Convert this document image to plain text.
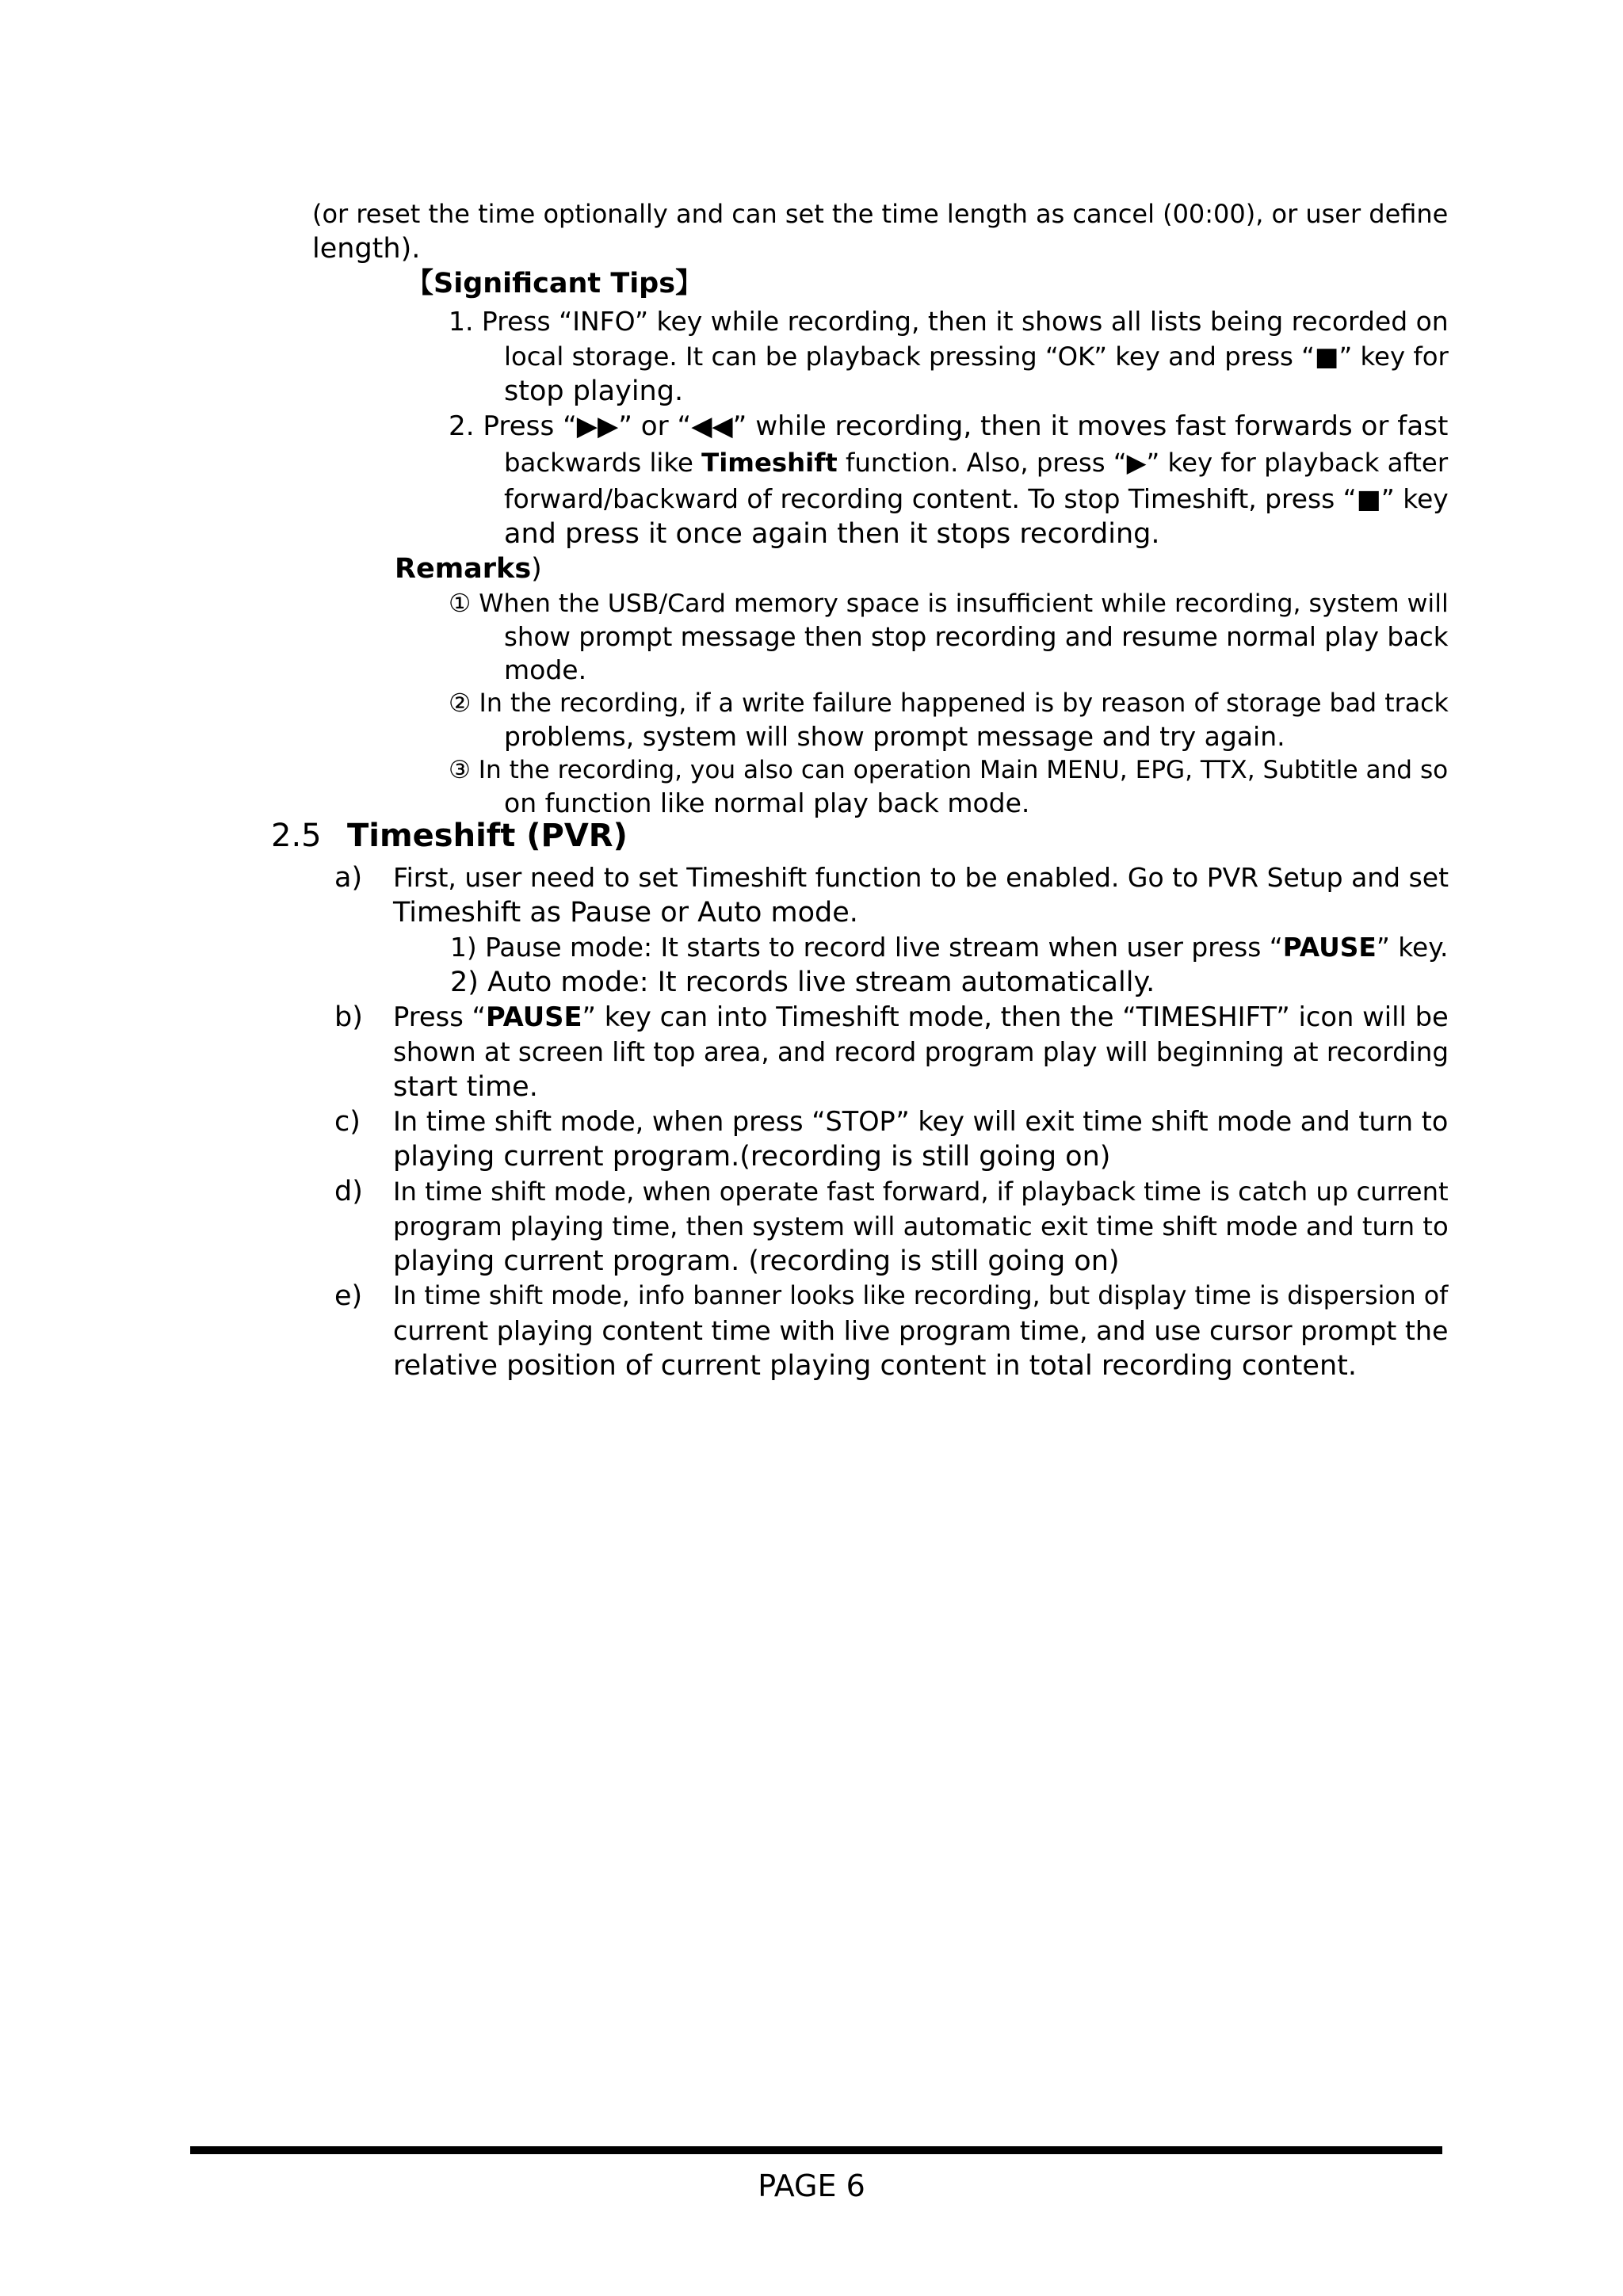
(or reset the time optionally and can set the time length as cancel (00:00), or user define

length).

【Significant Tips】

1. Press “INFO” key while recording, then it shows all lists being recorded on

local storage. It can be playback pressing “OK” key and press “■” key for

stop playing.

2. Press “▶▶” or “◀◀” while recording, then it moves fast forwards or fast

backwards like Timeshift function. Also, press “▶” key for playback after

forward/backward of recording content. To stop Timeshift, press “■” key

and press it once again then it stops recording.

Remarks)

① When the USB/Card memory space is insufficient while recording, system will

show prompt message then stop recording and resume normal play back

mode.

② In the recording, if a write failure happened is by reason of storage bad track

problems, system will show prompt message and try again.

③ In the recording, you also can operation Main MENU, EPG, TTX, Subtitle and so

on function like normal play back mode.

2.5 Timeshift (PVR)

a) First, user need to set Timeshift function to be enabled. Go to PVR Setup and set

Timeshift as Pause or Auto mode.

1) Pause mode: It starts to record live stream when user press “PAUSE” key.

2) Auto mode: It records live stream automatically.

b) Press “PAUSE” key can into Timeshift mode, then the “TIMESHIFT” icon will be

shown at screen lift top area, and record program play will beginning at recording

start time.

c) In time shift mode, when press “STOP” key will exit time shift mode and turn to

playing current program.(recording is still going on)

d) In time shift mode, when operate fast forward, if playback time is catch up current

program playing time, then system will automatic exit time shift mode and turn to

playing current program. (recording is still going on)

e) In time shift mode, info banner looks like recording, but display time is dispersion of

current playing content time with live program time, and use cursor prompt the

relative position of current playing content in total recording content.

PAGE 6
